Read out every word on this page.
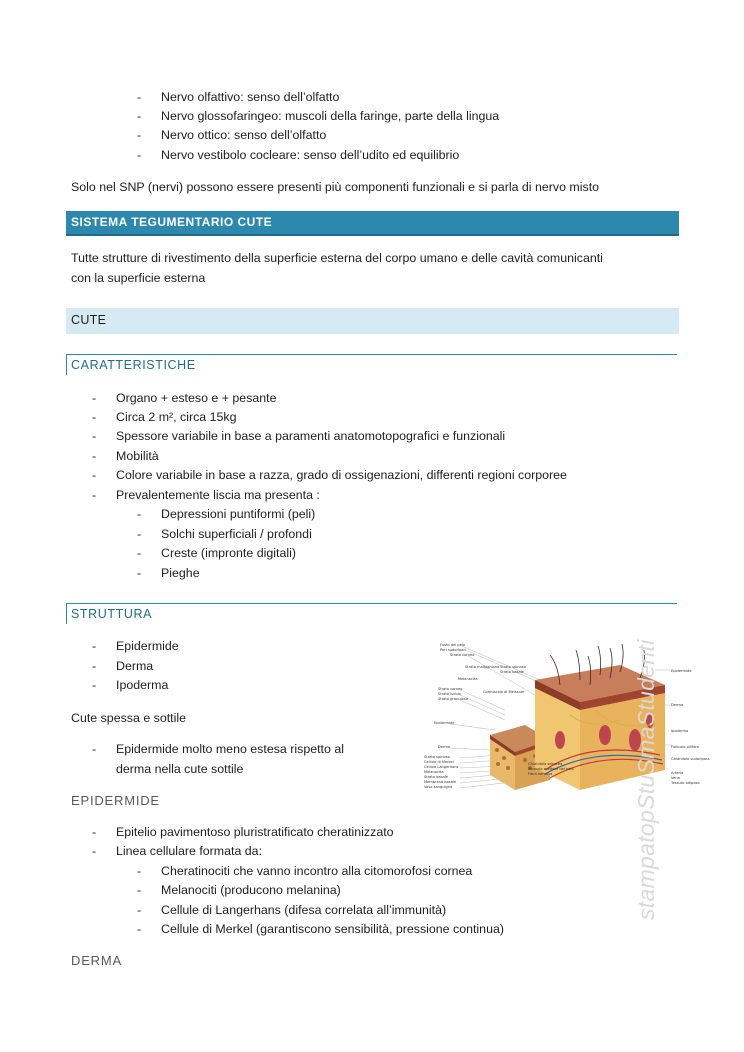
-	Nervo olfattivo: senso dell’olfatto
-	Nervo glossofaringeo: muscoli della faringe, parte della lingua
-	Nervo ottico: senso dell’olfatto
-	Nervo vestibolo cocleare: senso dell’udito ed equilibrio
Solo nel SNP (nervi) possono essere presenti più componenti funzionali e si parla di nervo misto
SISTEMA TEGUMENTARIO CUTE
Tutte strutture di rivestimento della superficie esterna del corpo umano e delle cavità comunicanti
con la superficie esterna
CUTE
CARATTERISTICHE
-	Organo + esteso e + pesante
-	Circa 2 m², circa 15kg
-	Spessore variabile in base a paramenti anatomotopografici e funzionali
-	Mobilità
-	Colore variabile in base a razza, grado di ossigenazioni, differenti regioni corporee
-	Prevalentemente liscia ma presenta :
-	Depressioni puntiformi (peli)
-	Solchi superficiali / profondi
-	Creste (impronte digitali)
-	Pieghe
STRUTTURA
-	Epidermide
-	Derma
-	Ipoderma
Cute spessa e sottile
-	Epidermide molto meno estesa rispetto al
derma nella cute sottile
Fusto del pelo
Pori sudoripari
Strato corneo
Strato spinoso
Strato basale
Strato malpighiano
Melanocita
Strato corneo
Strato lucido
Strato granuloso
Corpuscolo di Meissner
Epidermide
Derma
Strato spinoso
Cellula di Merkel
Cellula Langerhans
Melanocita
Strato basale
Membrana basale
Vaso sanguigno
Ghiandola sebacea
Muscolo erettore del pelo
Fibra nervosa
Epidermide
Derma
Ipoderma
Follicolo pilifero
Ghiandola sudoripara
Arteria
Vena
Tessuto adiposo
EPIDERMIDE
-	Epitelio pavimentoso pluristratificato cheratinizzato
-	Linea cellulare formata da:
-	Cheratinociti che vanno incontro alla citomorofosi cornea
-	Melanociti (producono melanina)
-	Cellule di Langerhans (difesa correlata all’immunità)
-	Cellule di Merkel (garantiscono sensibilità, pressione continua)
DERMA
stampatopStuSmaStudenti
